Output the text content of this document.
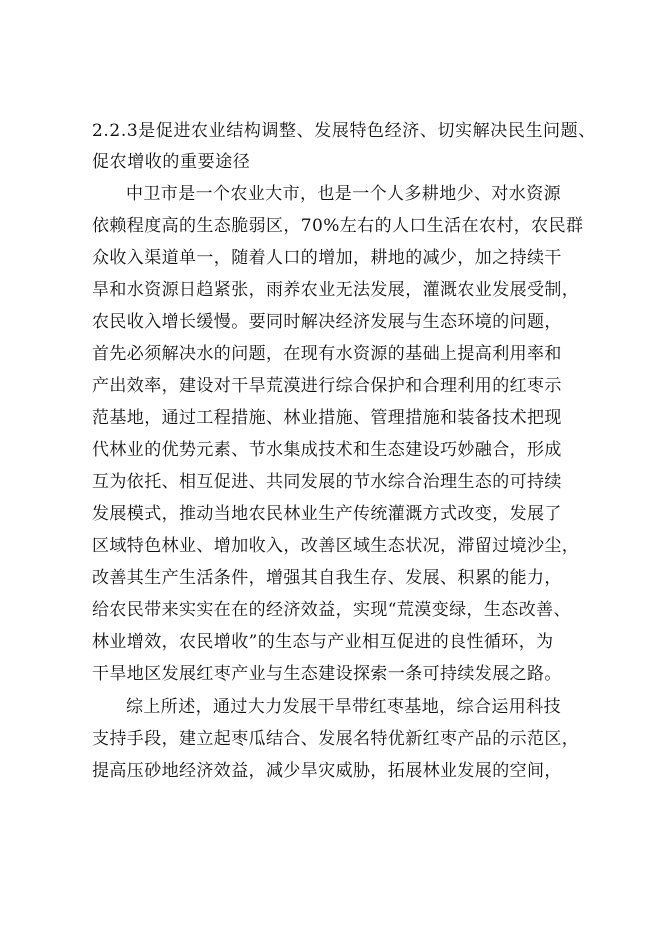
2.2.3是促进农业结构调整、发展特色经济、切实解决民生问题、

促农增收的重要途径

中卫市是一个农业大市，也是一个人多耕地少、对水资源

依赖程度高的生态脆弱区，70%左右的人口生活在农村，农民群

众收入渠道单一，随着人口的增加，耕地的减少，加之持续干

旱和水资源日趋紧张，雨养农业无法发展，灌溉农业发展受制，

农民收入增长缓慢。要同时解决经济发展与生态环境的问题，

首先必须解决水的问题，在现有水资源的基础上提高利用率和

产出效率，建设对干旱荒漠进行综合保护和合理利用的红枣示

范基地，通过工程措施、林业措施、管理措施和装备技术把现

代林业的优势元素、节水集成技术和生态建设巧妙融合，形成

互为依托、相互促进、共同发展的节水综合治理生态的可持续

发展模式，推动当地农民林业生产传统灌溉方式改变，发展了

区域特色林业、增加收入，改善区域生态状况，滞留过境沙尘，

改善其生产生活条件，增强其自我生存、发展、积累的能力，

给农民带来实实在在的经济效益，实现“荒漠变绿，生态改善、

林业增效，农民增收”的生态与产业相互促进的良性循环，为

干旱地区发展红枣产业与生态建设探索一条可持续发展之路。

综上所述，通过大力发展干旱带红枣基地，综合运用科技

支持手段，建立起枣瓜结合、发展名特优新红枣产品的示范区，

提高压砂地经济效益，减少旱灾威胁，拓展林业发展的空间，
